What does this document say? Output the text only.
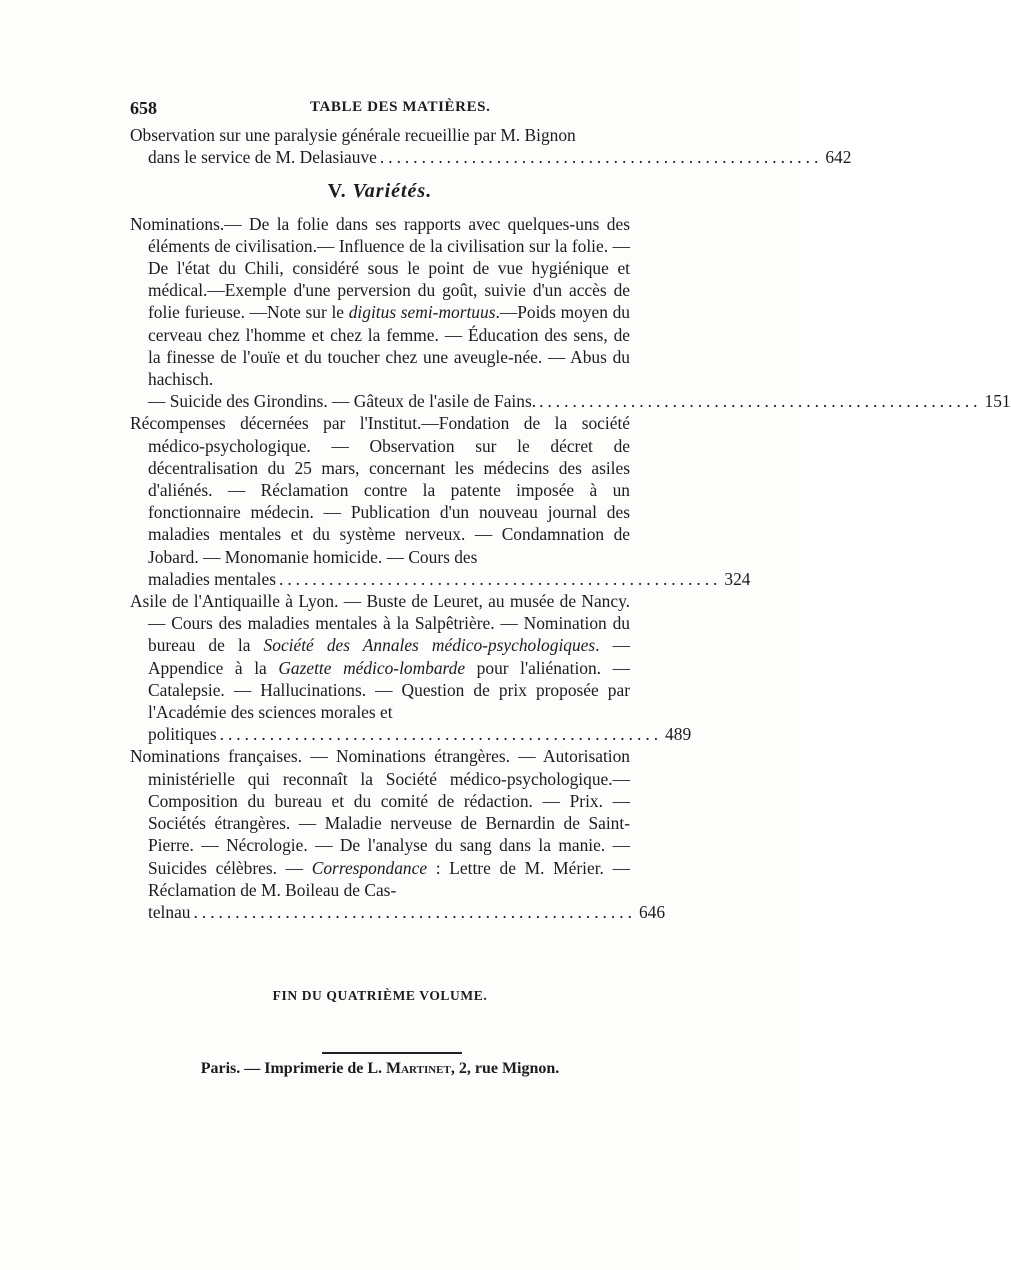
658	TABLE DES MATIÈRES.
Observation sur une paralysie générale recueillie par M. Bignon
dans le service de M. Delasiauve ..................................................... 642
V. Variétés.
Nominations.— De la folie dans ses rapports avec quelques-uns des éléments de civilisation.— Influence de la civilisation sur la folie. — De l'état du Chili, considéré sous le point de vue hygiénique et médical.—Exemple d'une perversion du goût, suivie d'un accès de folie furieuse. —Note sur le digitus semi-mortuus.—Poids moyen du cerveau chez l'homme et chez la femme. — Éducation des sens, de la finesse de l'ouïe et du toucher chez une aveugle-née. — Abus du hachisch.
— Suicide des Girondins. — Gâteux de l'asile de Fains. ..................................................... 151
Récompenses décernées par l'Institut.—Fondation de la société médico-psychologique. — Observation sur le décret de décentralisation du 25 mars, concernant les médecins des asiles d'aliénés. — Réclamation contre la patente imposée à un fonctionnaire médecin. — Publication d'un nouveau journal des maladies mentales et du système nerveux. — Condamnation de Jobard. — Monomanie homicide. — Cours des
maladies mentales ..................................................... 324
Asile de l'Antiquaille à Lyon. — Buste de Leuret, au musée de Nancy. — Cours des maladies mentales à la Salpêtrière. — Nomination du bureau de la Société des Annales médico-psychologiques. — Appendice à la Gazette médico-lombarde pour l'aliénation. — Catalepsie. — Hallucinations. — Question de prix proposée par l'Académie des sciences morales et
politiques ..................................................... 489
Nominations françaises. — Nominations étrangères. — Autorisation ministérielle qui reconnaît la Société médico-psychologique.—Composition du bureau et du comité de rédaction. — Prix. — Sociétés étrangères. — Maladie nerveuse de Bernardin de Saint-Pierre. — Nécrologie. — De l'analyse du sang dans la manie. — Suicides célèbres. — Correspondance : Lettre de M. Mérier. — Réclamation de M. Boileau de Cas-
telnau ..................................................... 646
FIN DU QUATRIÈME VOLUME.
Paris. — Imprimerie de L. Martinet, 2, rue Mignon.
